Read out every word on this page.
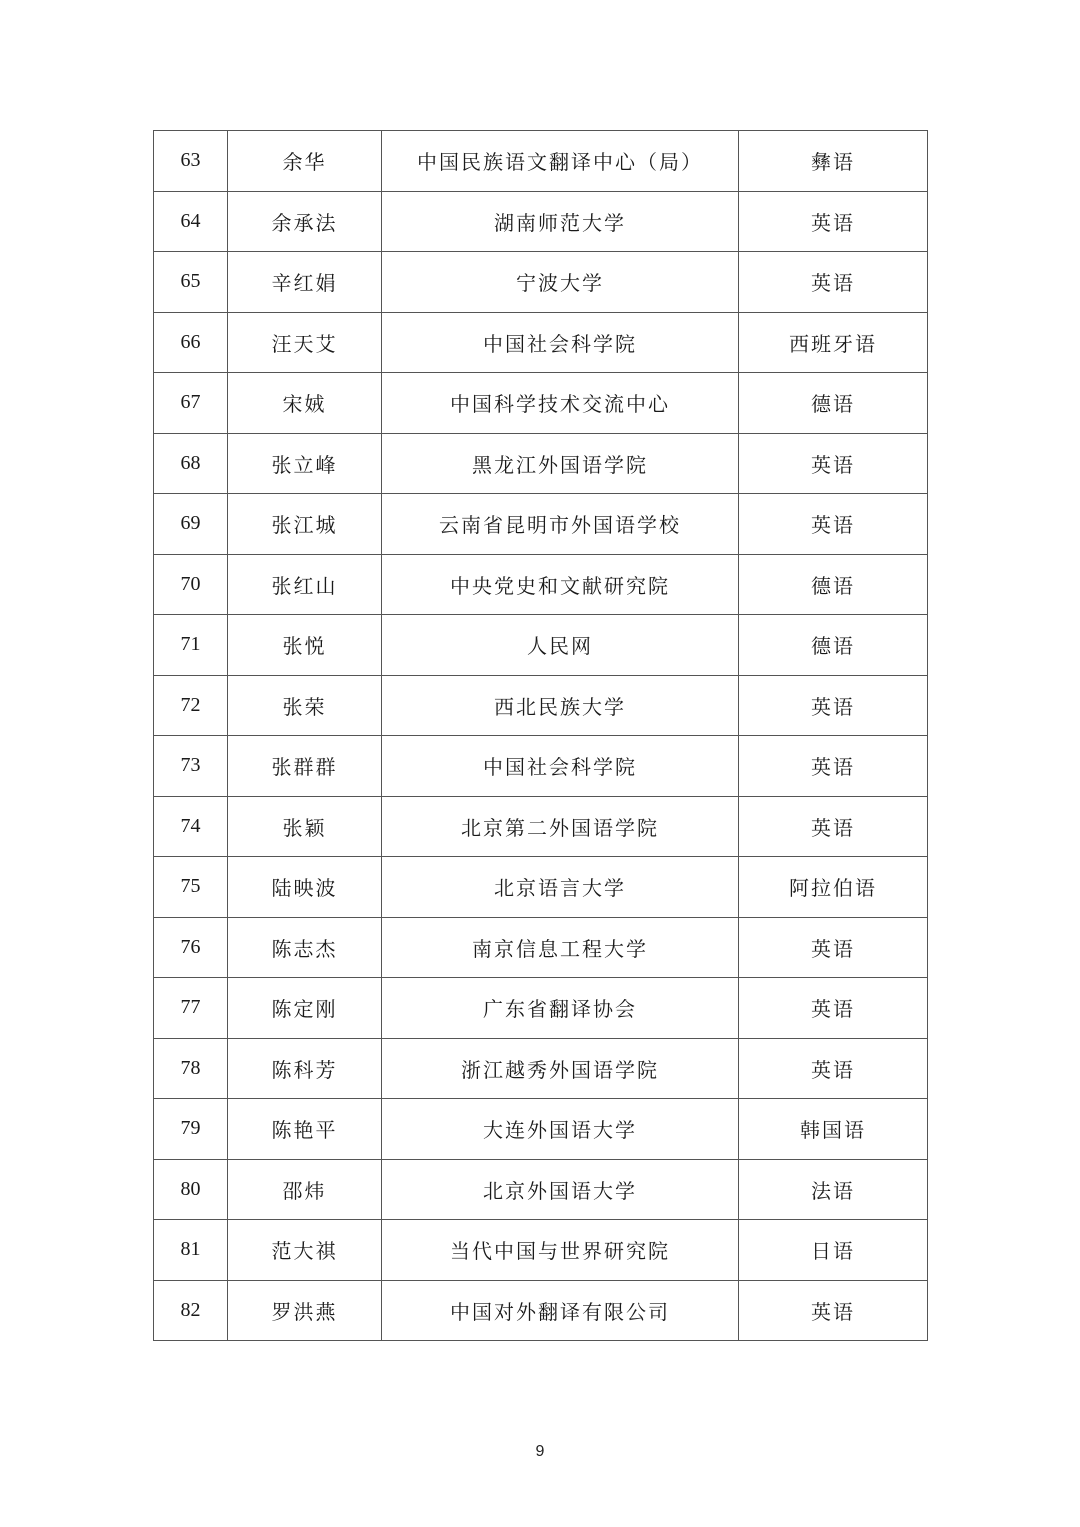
63	余华	中国民族语文翻译中心（局）	彝语
64	余承法	湖南师范大学	英语
65	辛红娟	宁波大学	英语
66	汪天艾	中国社会科学院	西班牙语
67	宋娀	中国科学技术交流中心	德语
68	张立峰	黑龙江外国语学院	英语
69	张江城	云南省昆明市外国语学校	英语
70	张红山	中央党史和文献研究院	德语
71	张悦	人民网	德语
72	张荣	西北民族大学	英语
73	张群群	中国社会科学院	英语
74	张颖	北京第二外国语学院	英语
75	陆映波	北京语言大学	阿拉伯语
76	陈志杰	南京信息工程大学	英语
77	陈定刚	广东省翻译协会	英语
78	陈科芳	浙江越秀外国语学院	英语
79	陈艳平	大连外国语大学	韩国语
80	邵炜	北京外国语大学	法语
81	范大祺	当代中国与世界研究院	日语
82	罗洪燕	中国对外翻译有限公司	英语
9
